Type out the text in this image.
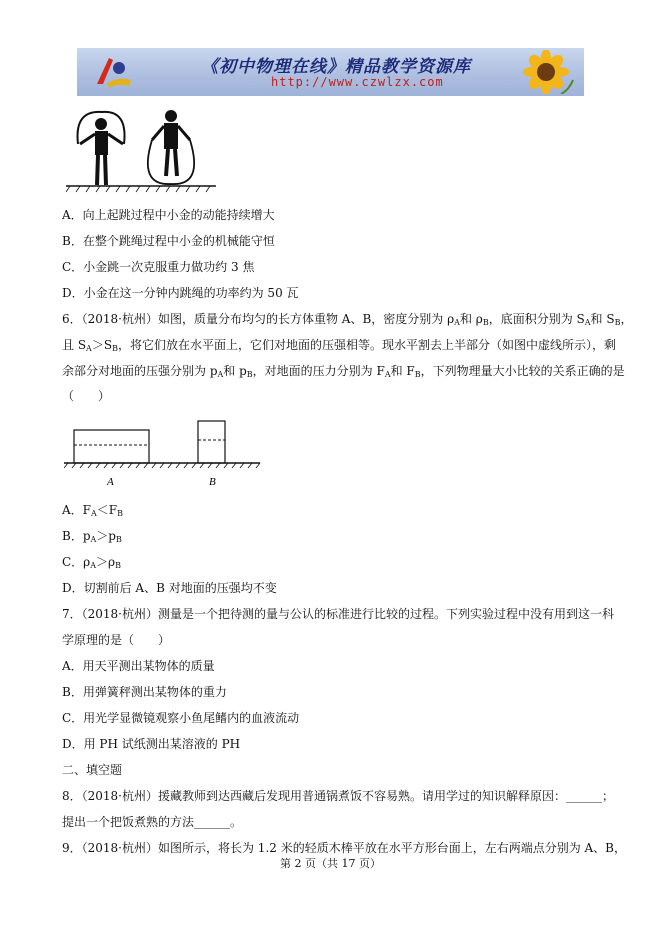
《初中物理在线》精品教学资源库
http://www.czwlzx.com
A．向上起跳过程中小金的动能持续增大
B．在整个跳绳过程中小金的机械能守恒
C．小金跳一次克服重力做功约 3 焦
D．小金在这一分钟内跳绳的功率约为 50 瓦
6．（2018·杭州）如图，质量分布均匀的长方体重物 A、B，密度分别为 $\rho_A$和 $\rho_B$，底面积分别为 $S_A$和 $S_B$，
且 $S_A>S_B$，将它们放在水平面上，它们对地面的压强相等。现水平割去上半部分（如图中虚线所示），剩
余部分对地面的压强分别为 $p_A$和 $p_B$，对地面的压力分别为 $F_A$和 $F_B$，下列物理量大小比较的关系正确的是
（　　）
A	B
A．$F_A<F_B$
B．$p_A>p_B$
C．$\rho_A>\rho_B$
D．切割前后 A、B 对地面的压强均不变
7．（2018·杭州）测量是一个把待测的量与公认的标准进行比较的过程。下列实验过程中没有用到这一科
学原理的是（　　）
A．用天平测出某物体的质量
B．用弹簧秤测出某物体的重力
C．用光学显微镜观察小鱼尾鳍内的血液流动
D．用 PH 试纸测出某溶液的 PH
二、填空题
8．（2018·杭州）援藏教师到达西藏后发现用普通锅煮饭不容易熟。请用学过的知识解释原因：______；
提出一个把饭煮熟的方法______。
9．（2018·杭州）如图所示，将长为 1.2 米的轻质木棒平放在水平方形台面上，左右两端点分别为 A、B，
第 2 页（共 17 页）
